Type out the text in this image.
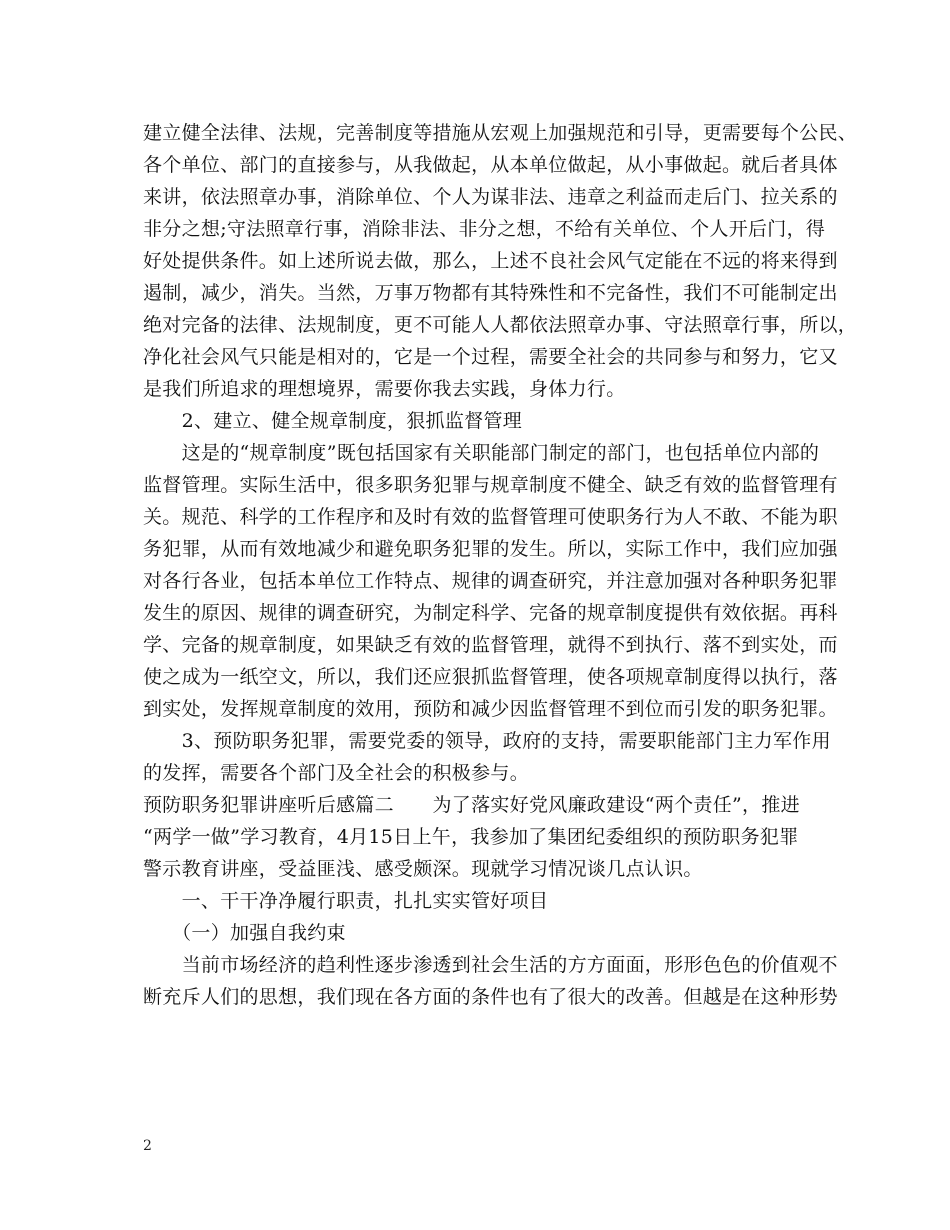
建立健全法律、法规，完善制度等措施从宏观上加强规范和引导，更需要每个公民、
各个单位、部门的直接参与，从我做起，从本单位做起，从小事做起。就后者具体
来讲，依法照章办事，消除单位、个人为谋非法、违章之利益而走后门、拉关系的
非分之想;守法照章行事，消除非法、非分之想，不给有关单位、个人开后门，得
好处提供条件。如上述所说去做，那么，上述不良社会风气定能在不远的将来得到
遏制，减少，消失。当然，万事万物都有其特殊性和不完备性，我们不可能制定出
绝对完备的法律、法规制度，更不可能人人都依法照章办事、守法照章行事，所以，
净化社会风气只能是相对的，它是一个过程，需要全社会的共同参与和努力，它又
是我们所追求的理想境界，需要你我去实践，身体力行。
　　2、建立、健全规章制度，狠抓监督管理
　　这是的“规章制度”既包括国家有关职能部门制定的部门，也包括单位内部的
监督管理。实际生活中，很多职务犯罪与规章制度不健全、缺乏有效的监督管理有
关。规范、科学的工作程序和及时有效的监督管理可使职务行为人不敢、不能为职
务犯罪，从而有效地减少和避免职务犯罪的发生。所以，实际工作中，我们应加强
对各行各业，包括本单位工作特点、规律的调查研究，并注意加强对各种职务犯罪
发生的原因、规律的调查研究，为制定科学、完备的规章制度提供有效依据。再科
学、完备的规章制度，如果缺乏有效的监督管理，就得不到执行、落不到实处，而
使之成为一纸空文，所以，我们还应狠抓监督管理，使各项规章制度得以执行，落
到实处，发挥规章制度的效用，预防和减少因监督管理不到位而引发的职务犯罪。
　　3、预防职务犯罪，需要党委的领导，政府的支持，需要职能部门主力军作用
的发挥，需要各个部门及全社会的积极参与。
预防职务犯罪讲座听后感篇二　　为了落实好党风廉政建设“两个责任”，推进
“两学一做”学习教育，4月15日上午，我参加了集团纪委组织的预防职务犯罪
警示教育讲座，受益匪浅、感受颇深。现就学习情况谈几点认识。
　　一、干干净净履行职责，扎扎实实管好项目
　　（一）加强自我约束
　　当前市场经济的趋利性逐步渗透到社会生活的方方面面，形形色色的价值观不
断充斥人们的思想，我们现在各方面的条件也有了很大的改善。但越是在这种形势
2
